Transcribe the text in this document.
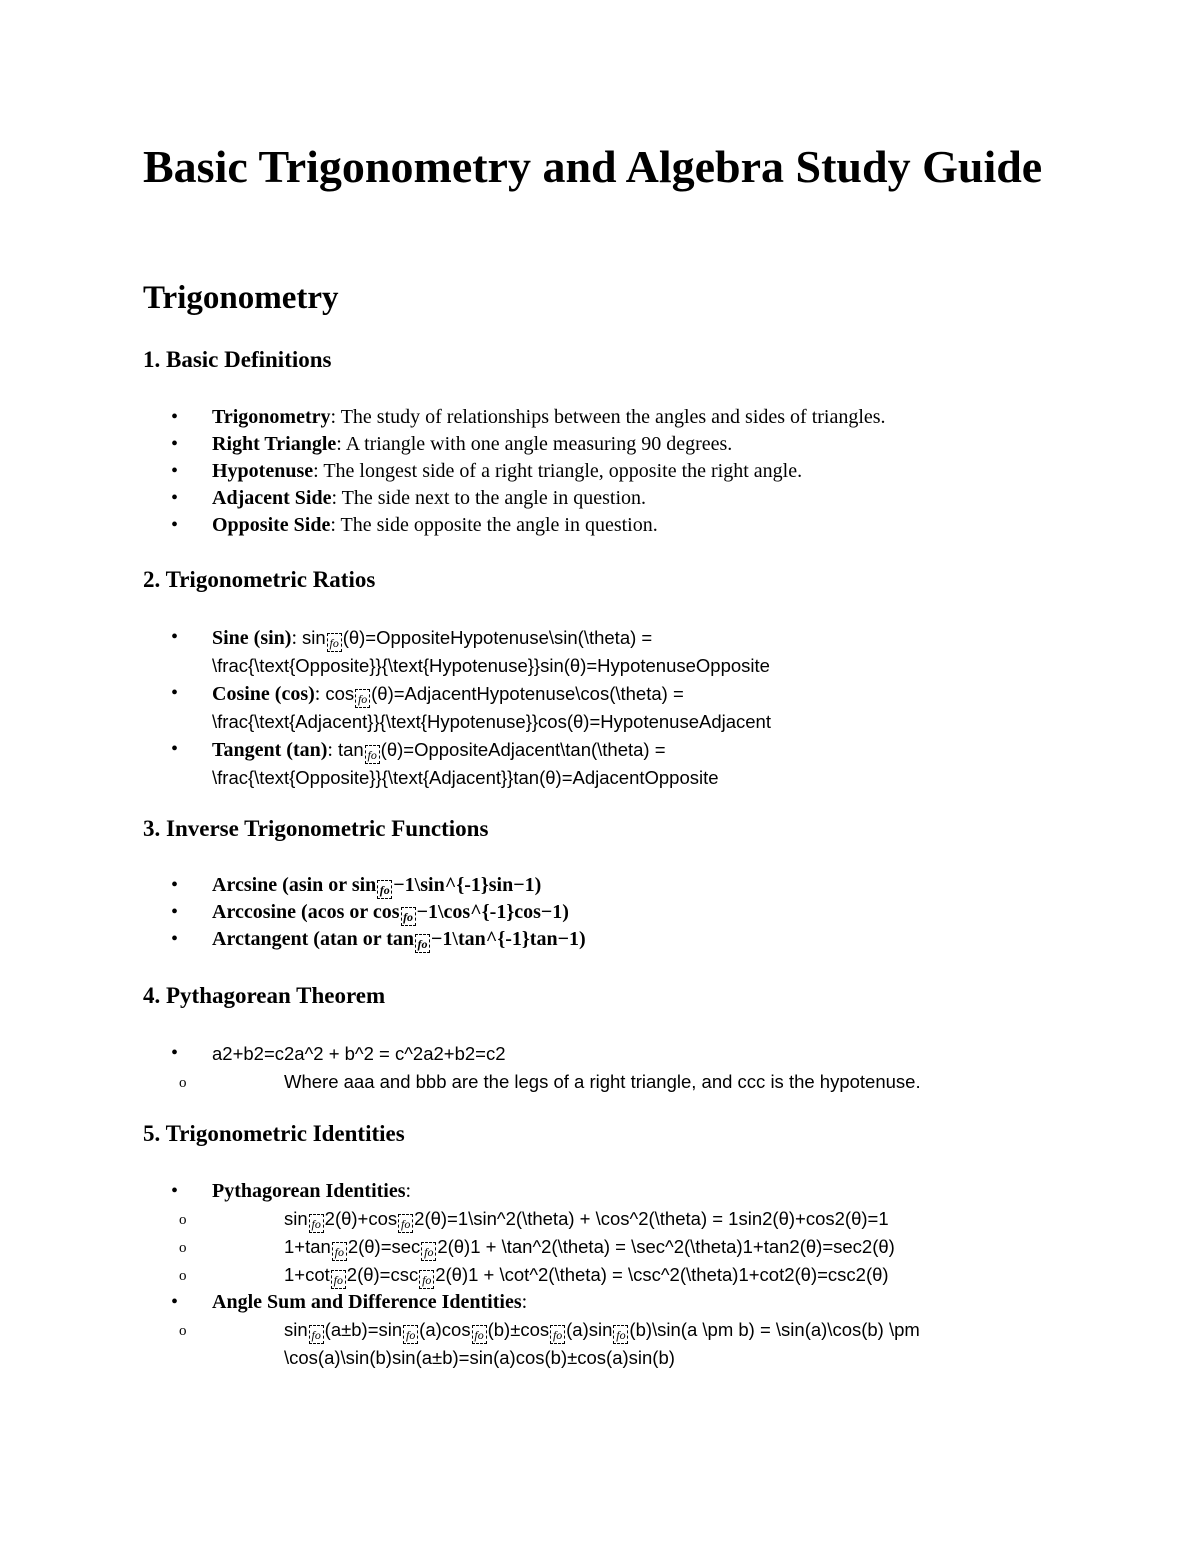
Basic Trigonometry and Algebra Study Guide
Trigonometry
1. Basic Definitions
• Trigonometry: The study of relationships between the angles and sides of triangles.
• Right Triangle: A triangle with one angle measuring 90 degrees.
• Hypotenuse: The longest side of a right triangle, opposite the right angle.
• Adjacent Side: The side next to the angle in question.
• Opposite Side: The side opposite the angle in question.
2. Trigonometric Ratios
• Sine (sin): sin fo (θ)=OppositeHypotenuse\sin(\theta) =
\frac{\text{Opposite}}{\text{Hypotenuse}}sin(θ)=HypotenuseOpposite
• Cosine (cos): cos fo (θ)=AdjacentHypotenuse\cos(\theta) =
\frac{\text{Adjacent}}{\text{Hypotenuse}}cos(θ)=HypotenuseAdjacent
• Tangent (tan): tan fo (θ)=OppositeAdjacent\tan(\theta) =
\frac{\text{Opposite}}{\text{Adjacent}}tan(θ)=AdjacentOpposite
3. Inverse Trigonometric Functions
• Arcsine (asin or sin fo −1\sin^{-1}sin−1)
• Arccosine (acos or cos fo −1\cos^{-1}cos−1)
• Arctangent (atan or tan fo −1\tan^{-1}tan−1)
4. Pythagorean Theorem
• a2+b2=c2a^2 + b^2 = c^2a2+b2=c2
o Where aaa and bbb are the legs of a right triangle, and ccc is the hypotenuse.
5. Trigonometric Identities
• Pythagorean Identities:
o sin fo 2(θ)+cos fo 2(θ)=1\sin^2(\theta) + \cos^2(\theta) = 1sin2(θ)+cos2(θ)=1
o 1+tan fo 2(θ)=sec fo 2(θ)1 + \tan^2(\theta) = \sec^2(\theta)1+tan2(θ)=sec2(θ)
o 1+cot fo 2(θ)=csc fo 2(θ)1 + \cot^2(\theta) = \csc^2(\theta)1+cot2(θ)=csc2(θ)
• Angle Sum and Difference Identities:
o sin fo (a±b)=sin fo (a)cos fo (b)±cos fo (a)sin fo (b)\sin(a \pm b) = \sin(a)\cos(b) \pm
\cos(a)\sin(b)sin(a±b)=sin(a)cos(b)±cos(a)sin(b)
